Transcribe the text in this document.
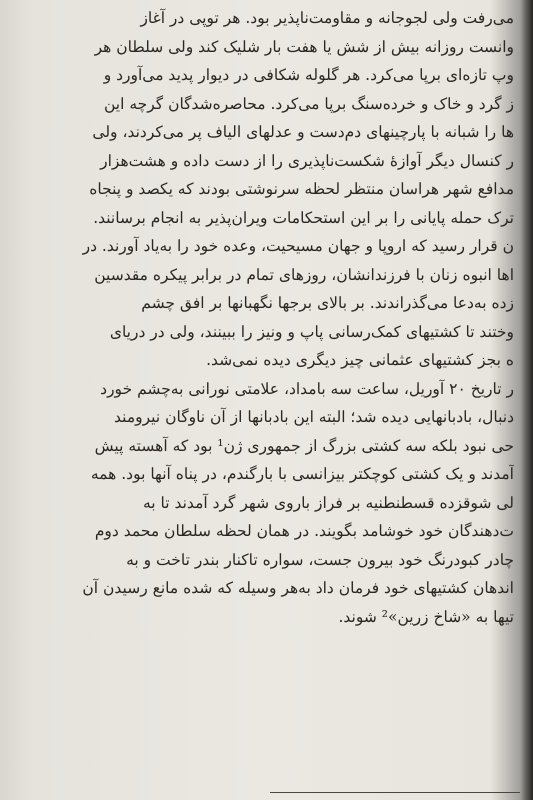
می‌رفت ولی لجوجانه و مقاومت‌ناپذیر بود. هر توپی در آغاز
وانست روزانه بیش از شش یا هفت بار شلیک کند ولی سلطان هر
وپ تازه‌ای برپا می‌کرد. هر گلوله شکافی در دیوار پدید می‌آورد و
ز گرد و خاک و خرده‌سنگ برپا می‌کرد. محاصره‌شدگان گرچه این
ها را شبانه با پارچینهای دم‌دست و عدلهای الیاف پر می‌کردند، ولی
ر کنسال دیگر آوازهٔ شکست‌ناپذیری را از دست داده و هشت‌هزار
مدافع شهر هراسان منتظر لحظه سرنوشتی بودند که یکصد و پنجاه
ترک حمله پایانی را بر این استحکامات ویران‌پذیر به انجام برسانند.
ن قرار رسید که اروپا و جهان مسیحیت، وعده خود را به‌یاد آورند. در
اها انبوه زنان با فرزندانشان، روزهای تمام در برابر پیکره مقدسین
زده به‌دعا می‌گذراندند. بر بالای برجها نگهبانها بر افق چشم
وختند تا کشتیهای کمک‌رسانی پاپ و ونیز را ببینند، ولی در دریای
ه بجز کشتیهای عثمانی چیز دیگری دیده نمی‌شد.
ر تاریخ ۲۰ آوریل، ساعت سه بامداد، علامتی نورانی به‌چشم خورد
دنبال، بادبانهایی دیده شد؛ البته این بادبانها از آن ناوگان نیرومند
حی نبود بلکه سه کشتی بزرگ از جمهوری ژن¹ بود که آهسته پیش
آمدند و یک کشتی کوچکتر بیزانسی با بارگندم، در پناه آنها بود. همه
لی شوقزده قسطنطنیه بر فراز باروی شهر گرد آمدند تا به
ت‌دهندگان خود خوشامد بگویند. در همان لحظه سلطان محمد دوم
چادر کبودرنگ خود بیرون جست، سواره تاکنار بندر تاخت و به
اندهان کشتیهای خود فرمان داد به‌هر وسیله که شده مانع رسیدن آن
تیها به «شاخ زرین»² شوند.
